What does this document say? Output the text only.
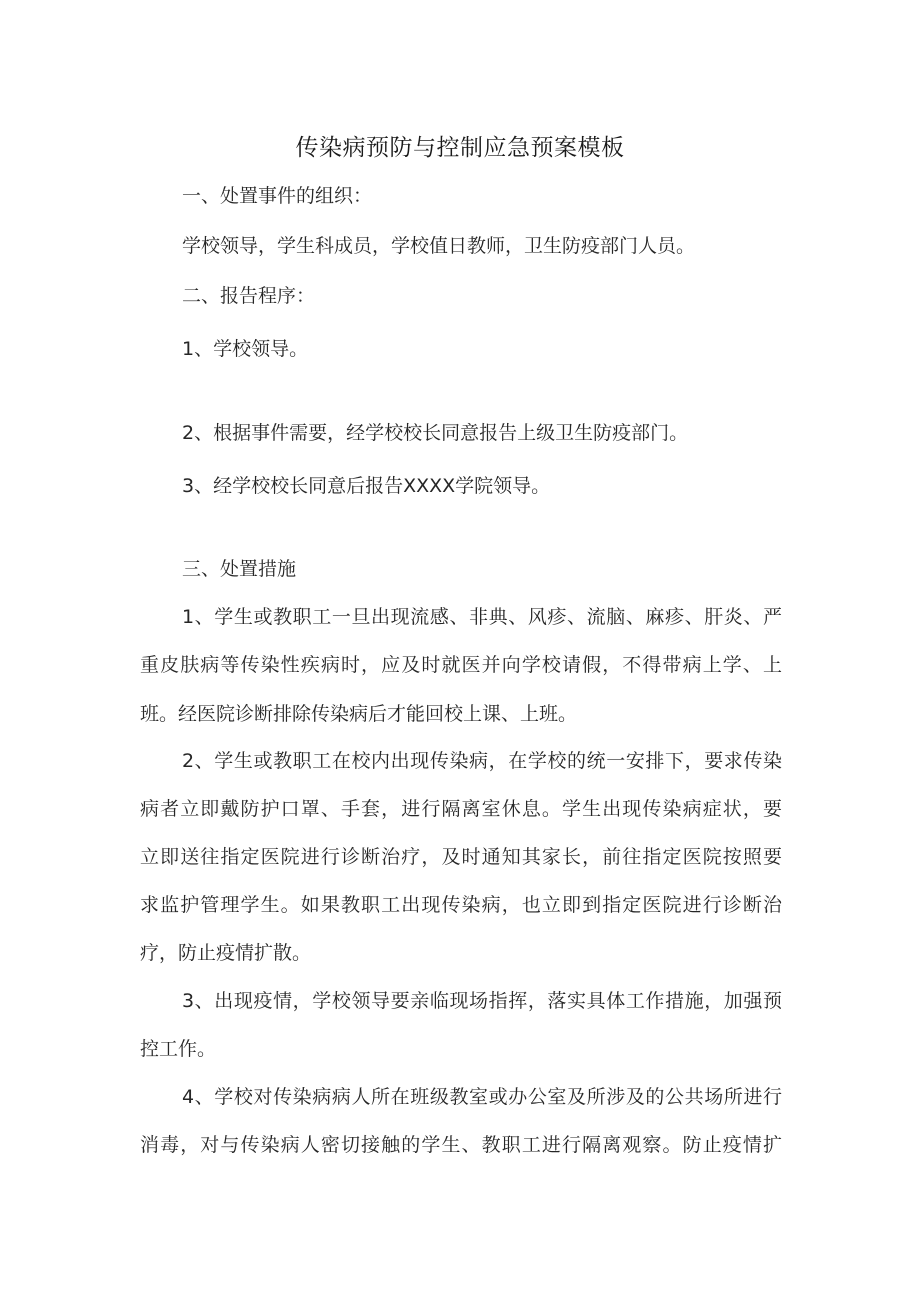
传染病预防与控制应急预案模板
一、处置事件的组织：
学校领导，学生科成员，学校值日教师，卫生防疫部门人员。
二、报告程序：
1、学校领导。
2、根据事件需要，经学校校长同意报告上级卫生防疫部门。
3、经学校校长同意后报告XXXX学院领导。
三、处置措施
1、学生或教职工一旦出现流感、非典、风疹、流脑、麻疹、肝炎、严
重皮肤病等传染性疾病时，应及时就医并向学校请假，不得带病上学、上
班。经医院诊断排除传染病后才能回校上课、上班。
2、学生或教职工在校内出现传染病，在学校的统一安排下，要求传染
病者立即戴防护口罩、手套，进行隔离室休息。学生出现传染病症状，要
立即送往指定医院进行诊断治疗，及时通知其家长，前往指定医院按照要
求监护管理学生。如果教职工出现传染病，也立即到指定医院进行诊断治
疗，防止疫情扩散。
3、出现疫情，学校领导要亲临现场指挥，落实具体工作措施，加强预
控工作。
4、学校对传染病病人所在班级教室或办公室及所涉及的公共场所进行
消毒，对与传染病人密切接触的学生、教职工进行隔离观察。防止疫情扩
